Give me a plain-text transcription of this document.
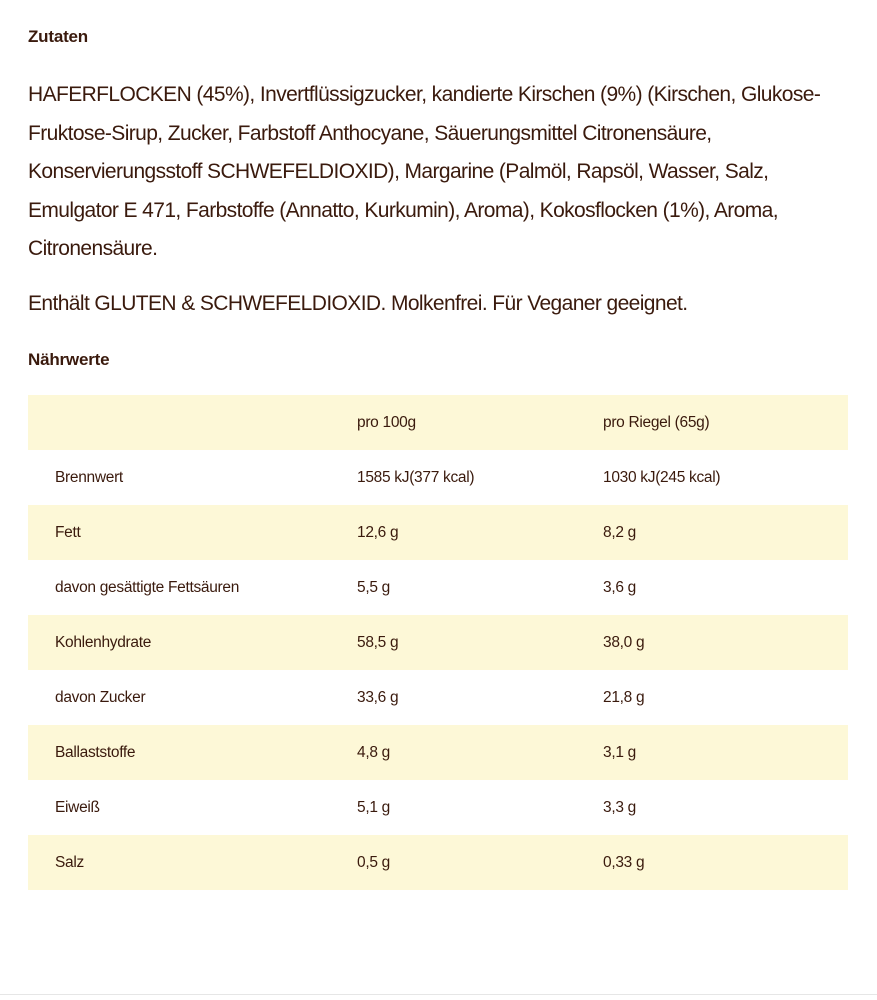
Zutaten

HAFERFLOCKEN (45%), Invertflüssigzucker, kandierte Kirschen (9%) (Kirschen, Glukose-Fruktose-Sirup, Zucker, Farbstoff Anthocyane, Säuerungsmittel Citronensäure, Konservierungsstoff SCHWEFELDIOXID), Margarine (Palmöl, Rapsöl, Wasser, Salz, Emulgator E 471, Farbstoffe (Annatto, Kurkumin), Aroma), Kokosflocken (1%), Aroma, Citronensäure.

Enthält GLUTEN & SCHWEFELDIOXID. Molkenfrei. Für Veganer geeignet.

Nährwerte
	pro 100g	pro Riegel (65g)
Brennwert	1585 kJ(377 kcal)	1030 kJ(245 kcal)
Fett	12,6 g	8,2 g
davon gesättigte Fettsäuren	5,5 g	3,6 g
Kohlenhydrate	58,5 g	38,0 g
davon Zucker	33,6 g	21,8 g
Ballaststoffe	4,8 g	3,1 g
Eiweiß	5,1 g	3,3 g
Salz	0,5 g	0,33 g
